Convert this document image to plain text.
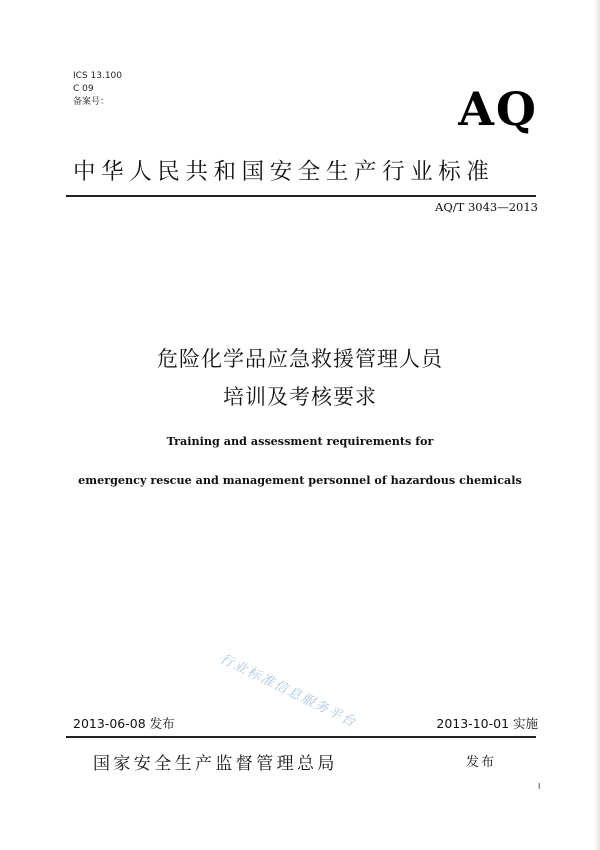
ICS 13.100
C 09
备案号：	AQ
中华人民共和国安全生产行业标准
AQ/T 3043—2013
危险化学品应急救援管理人员
培训及考核要求
Training and assessment requirements for
emergency rescue and management personnel of hazardous chemicals
行业标准信息服务平台
2013-06-08 发布	2013-10-01 实施
国家安全生产监督管理总局	发布
I
